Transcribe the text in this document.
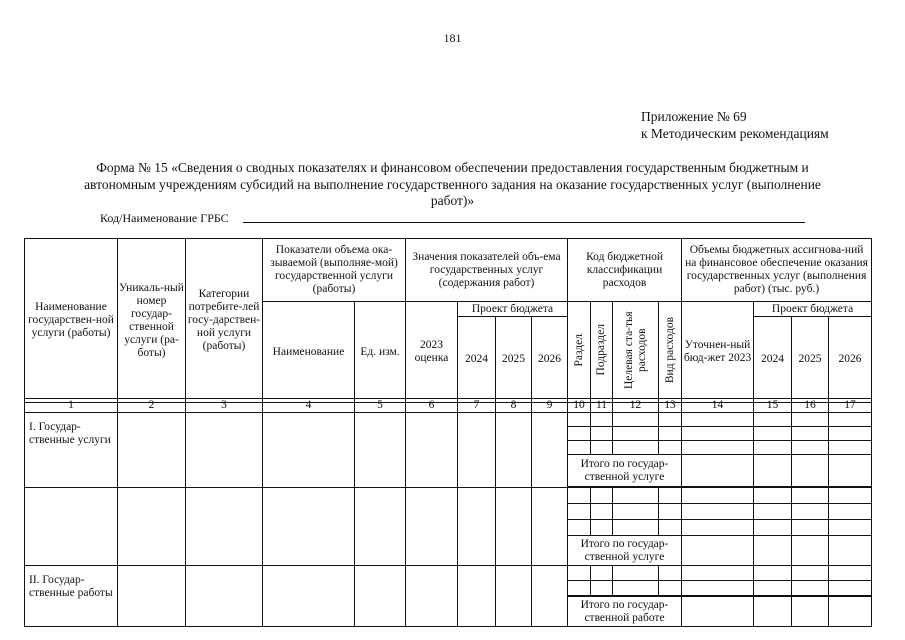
181
Приложение № 69
к Методическим рекомендациям
Форма № 15 «Сведения о сводных показателях и финансовом обеспечении предоставления государственным бюджетным и
автономным учреждениям субсидий на выполнение государственного задания на оказание государственных услуг (выполнение
работ)»
Код/Наименование ГРБС
Наименование государствен-ной услуги (работы)	Уникаль-ный номер государ-ственной услуги (ра-боты)	Категории потребите-лей госу-дарствен-ной услуги (работы)	Показатели объема ока-зываемой (выполняе-мой) государственной услуги (работы)		Значения показателей объ-ема государственных услуг (содержания работ)				Код бюджетной классификации расходов				Объемы бюджетных ассигнова-ний на финансовое обеспечение оказания государственных услуг (выполнения работ) (тыс. руб.)			
			Наименование	Ед. изм.	2023 оценка	Проект бюджета			Раздел	Подраздел	Целевая ста-тья расходов	Вид расходов	Уточнен-ный бюд-жет 2023	Проект бюджета		
						2024	2025	2026						2024	2025	2026
1	2	3	4	5	6	7	8	9	10	11	12	13	14	15	16	17
I. Государ-ственные услуги																

									Итого по государ-ственной услуге							

									Итого по государ-ственной услуге							
II. Государ-ственные работы																

									Итого по государ-ственной работе							
